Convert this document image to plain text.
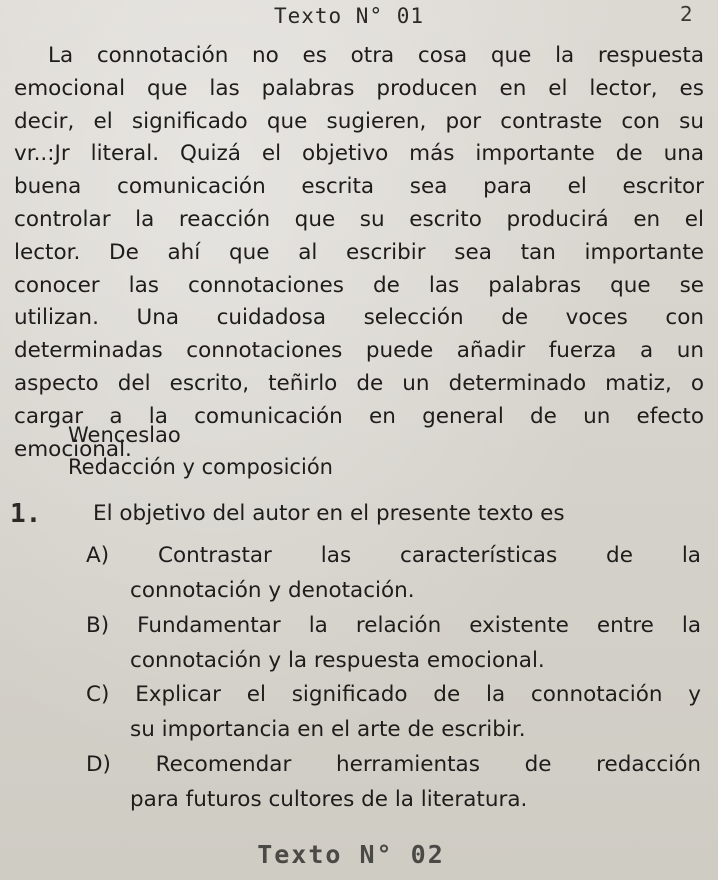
2
Texto N° 01
La connotación no es otra cosa que la respuesta
emocional que las palabras producen en el lector, es
decir, el significado que sugieren, por contraste con su
vr..:Jr literal. Quizá el objetivo más importante de una
buena comunicación escrita sea para el escritor
controlar la reacción que su escrito producirá en el
lector. De ahí que al escribir sea tan importante
conocer las connotaciones de las palabras que se
utilizan. Una cuidadosa selección de voces con
determinadas connotaciones puede añadir fuerza a un
aspecto del escrito, teñirlo de un determinado matiz, o
cargar a la comunicación en general de un efecto
emocional.
Wenceslao
Redacción y composición
1. El objetivo del autor en el presente texto es
A) Contrastar las características de la
connotación y denotación.
B) Fundamentar la relación existente entre la
connotación y la respuesta emocional.
C) Explicar el significado de la connotación y
su importancia en el arte de escribir.
D) Recomendar herramientas de redacción
para futuros cultores de la literatura.
Texto N° 02
